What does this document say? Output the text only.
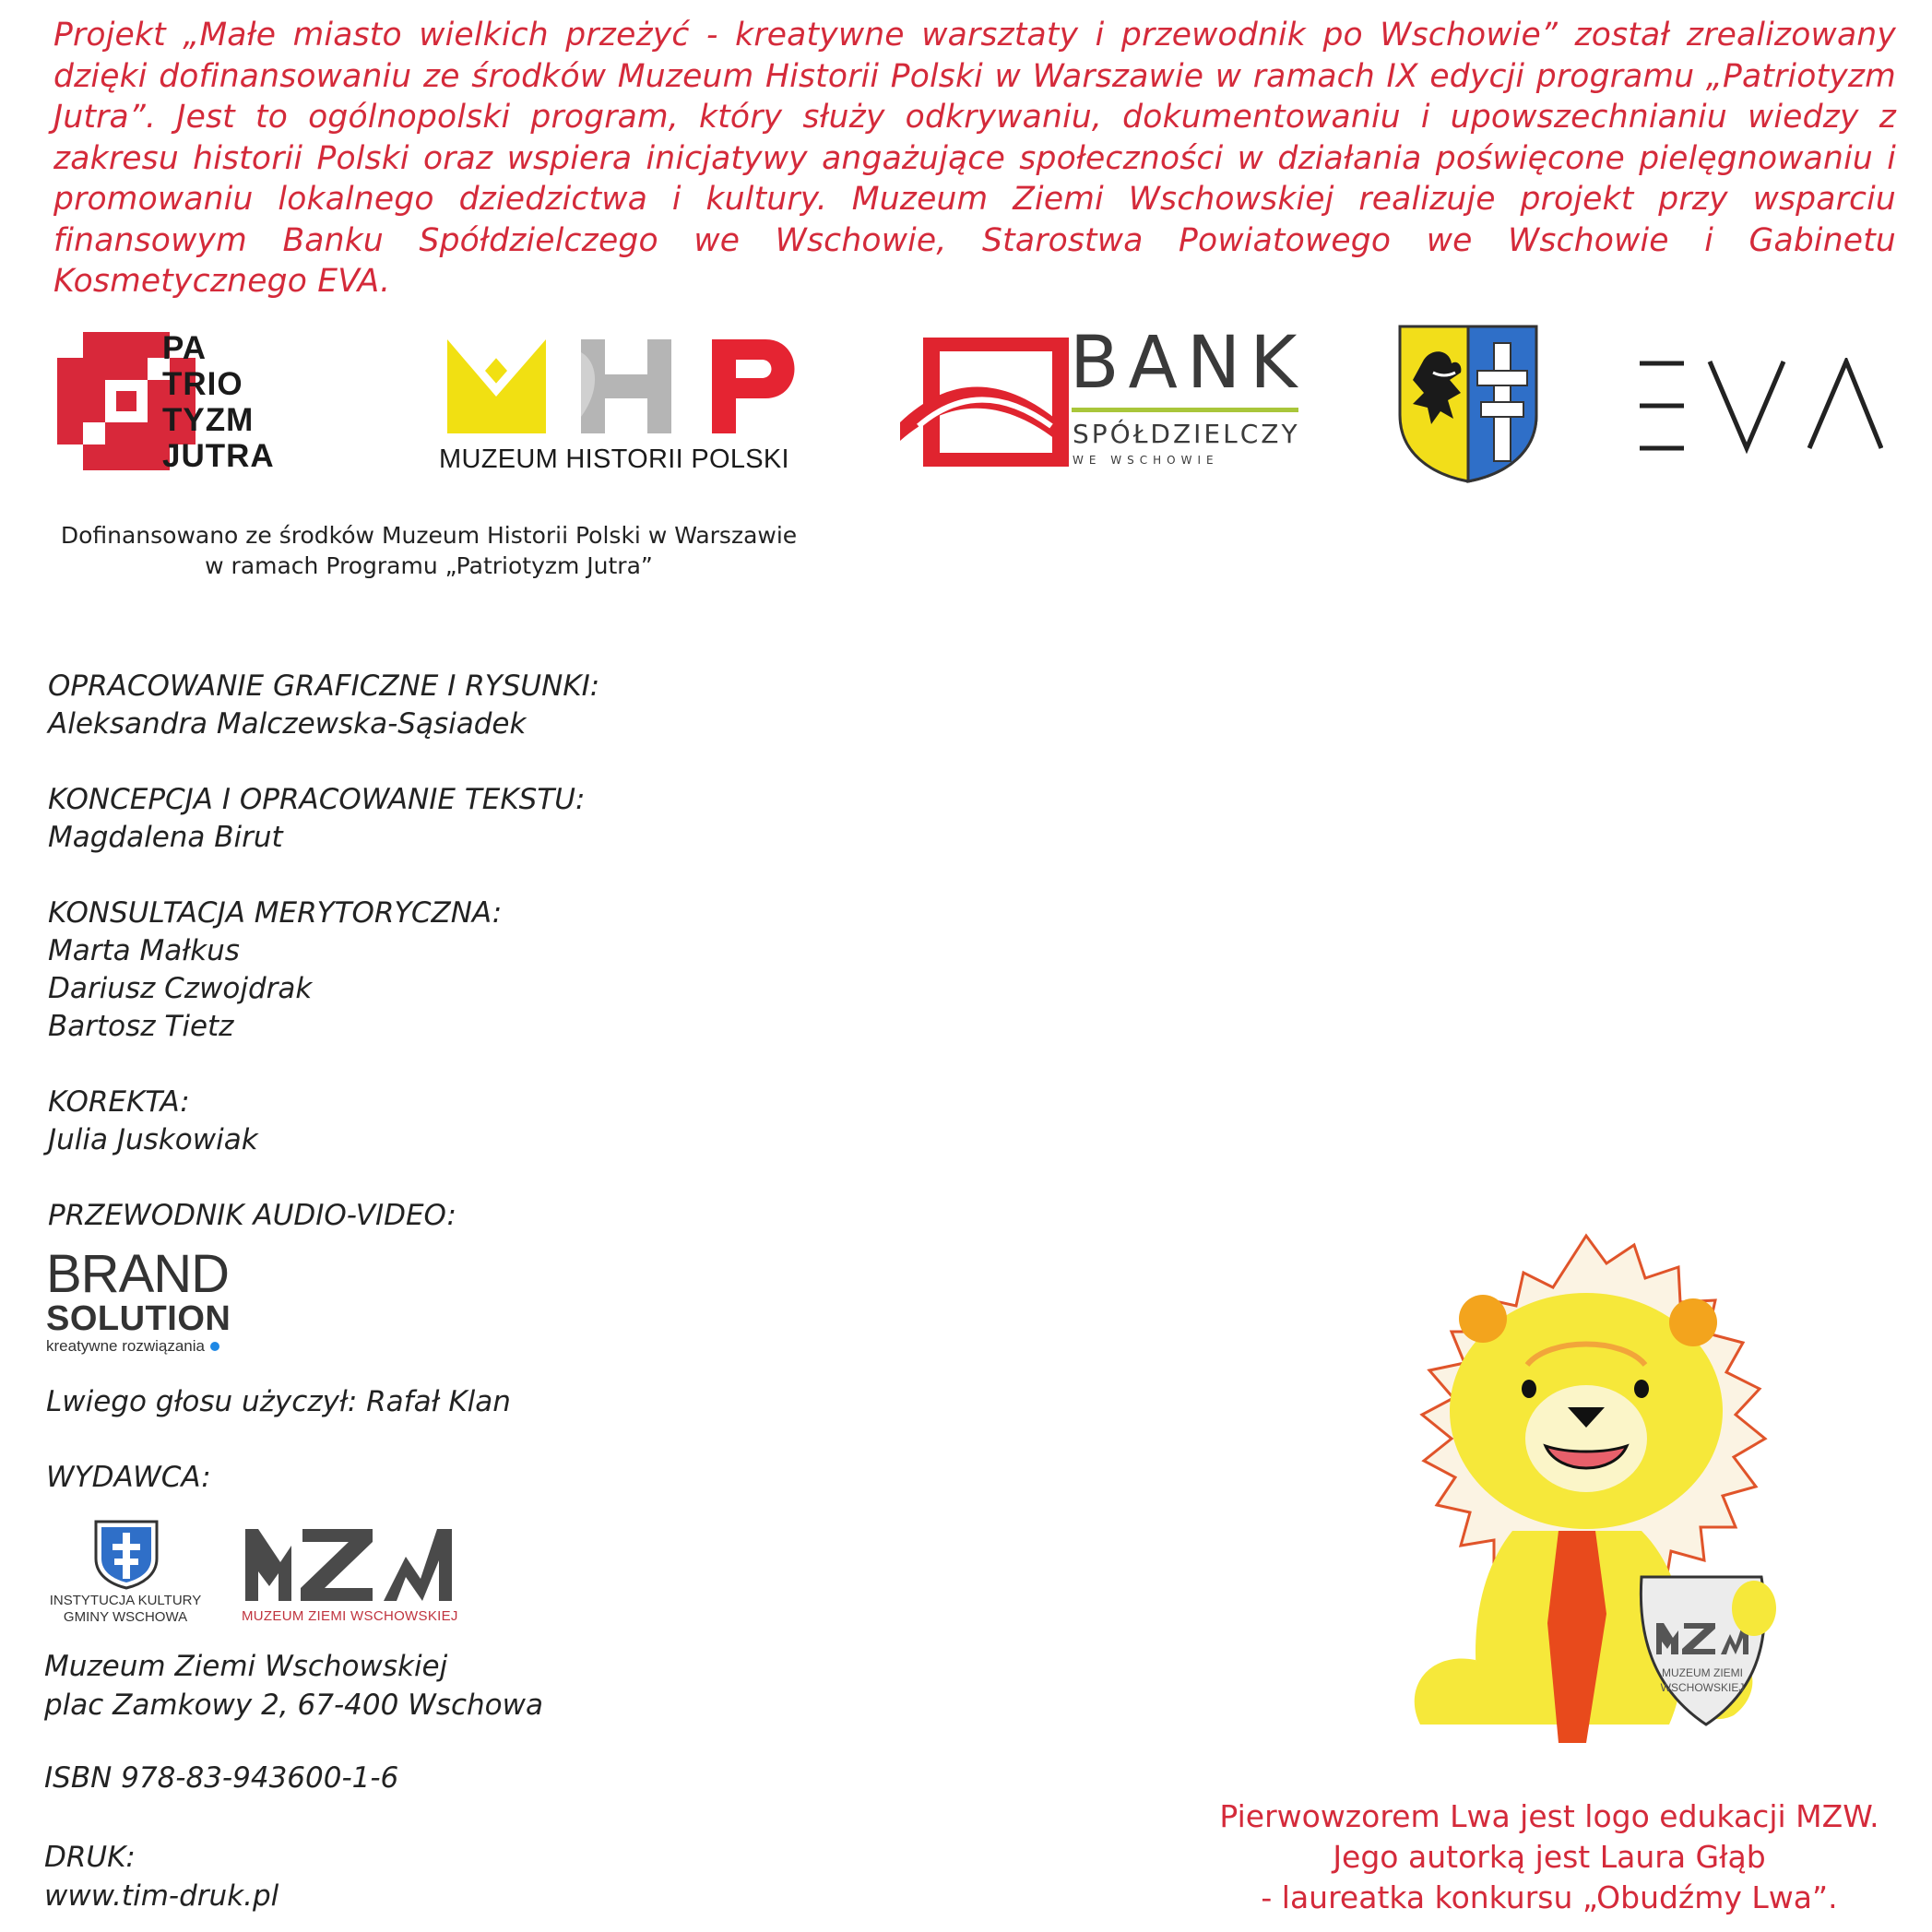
Projekt „Małe miasto wielkich przeżyć - kreatywne warsztaty i przewodnik po Wschowie” został zrealizowany dzięki dofinansowaniu ze środków Muzeum Historii Polski w Warszawie w ramach IX edycji programu „Patriotyzm Jutra”. Jest to ogólnopolski program, który służy odkrywaniu, dokumentowaniu i upowszechnianiu wiedzy z zakresu historii Polski oraz wspiera inicjatywy angażujące społeczności w działania poświęcone pielęgnowaniu i promowaniu lokalnego dziedzictwa i kultury. Muzeum Ziemi Wschowskiej realizuje projekt przy wsparciu finansowym Banku Spółdzielczego we Wschowie, Starostwa Powiatowego we Wschowie i Gabinetu Kosmetycznego EVA.
PA
TRIO
TYZM
JUTRA	MUZEUM HISTORII POLSKI
BANK
SPÓŁDZIELCZY
WE WSCHOWIE
Dofinansowano ze środków Muzeum Historii Polski w Warszawie
w ramach Programu „Patriotyzm Jutra”
OPRACOWANIE GRAFICZNE I RYSUNKI:
Aleksandra Malczewska-Sąsiadek
KONCEPCJA I OPRACOWANIE TEKSTU:
Magdalena Birut
KONSULTACJA MERYTORYCZNA:
Marta Małkus
Dariusz Czwojdrak
Bartosz Tietz
KOREKTA:
Julia Juskowiak
PRZEWODNIK AUDIO-VIDEO:
BRAND
SOLUTION
kreatywne rozwiązania
Lwiego głosu użyczył: Rafał Klan
WYDAWCA:
INSTYTUCJA KULTURY
GMINY WSCHOWA	MUZEUM ZIEMI WSCHOWSKIEJ
Muzeum Ziemi Wschowskiej
plac Zamkowy 2, 67-400 Wschowa
ISBN 978-83-943600-1-6
DRUK:
www.tim-druk.pl
MUZEUM ZIEMI
WSCHOWSKIEJ
Pierwowzorem Lwa jest logo edukacji MZW.
Jego autorką jest Laura Głąb
- laureatka konkursu „Obudźmy Lwa”.
